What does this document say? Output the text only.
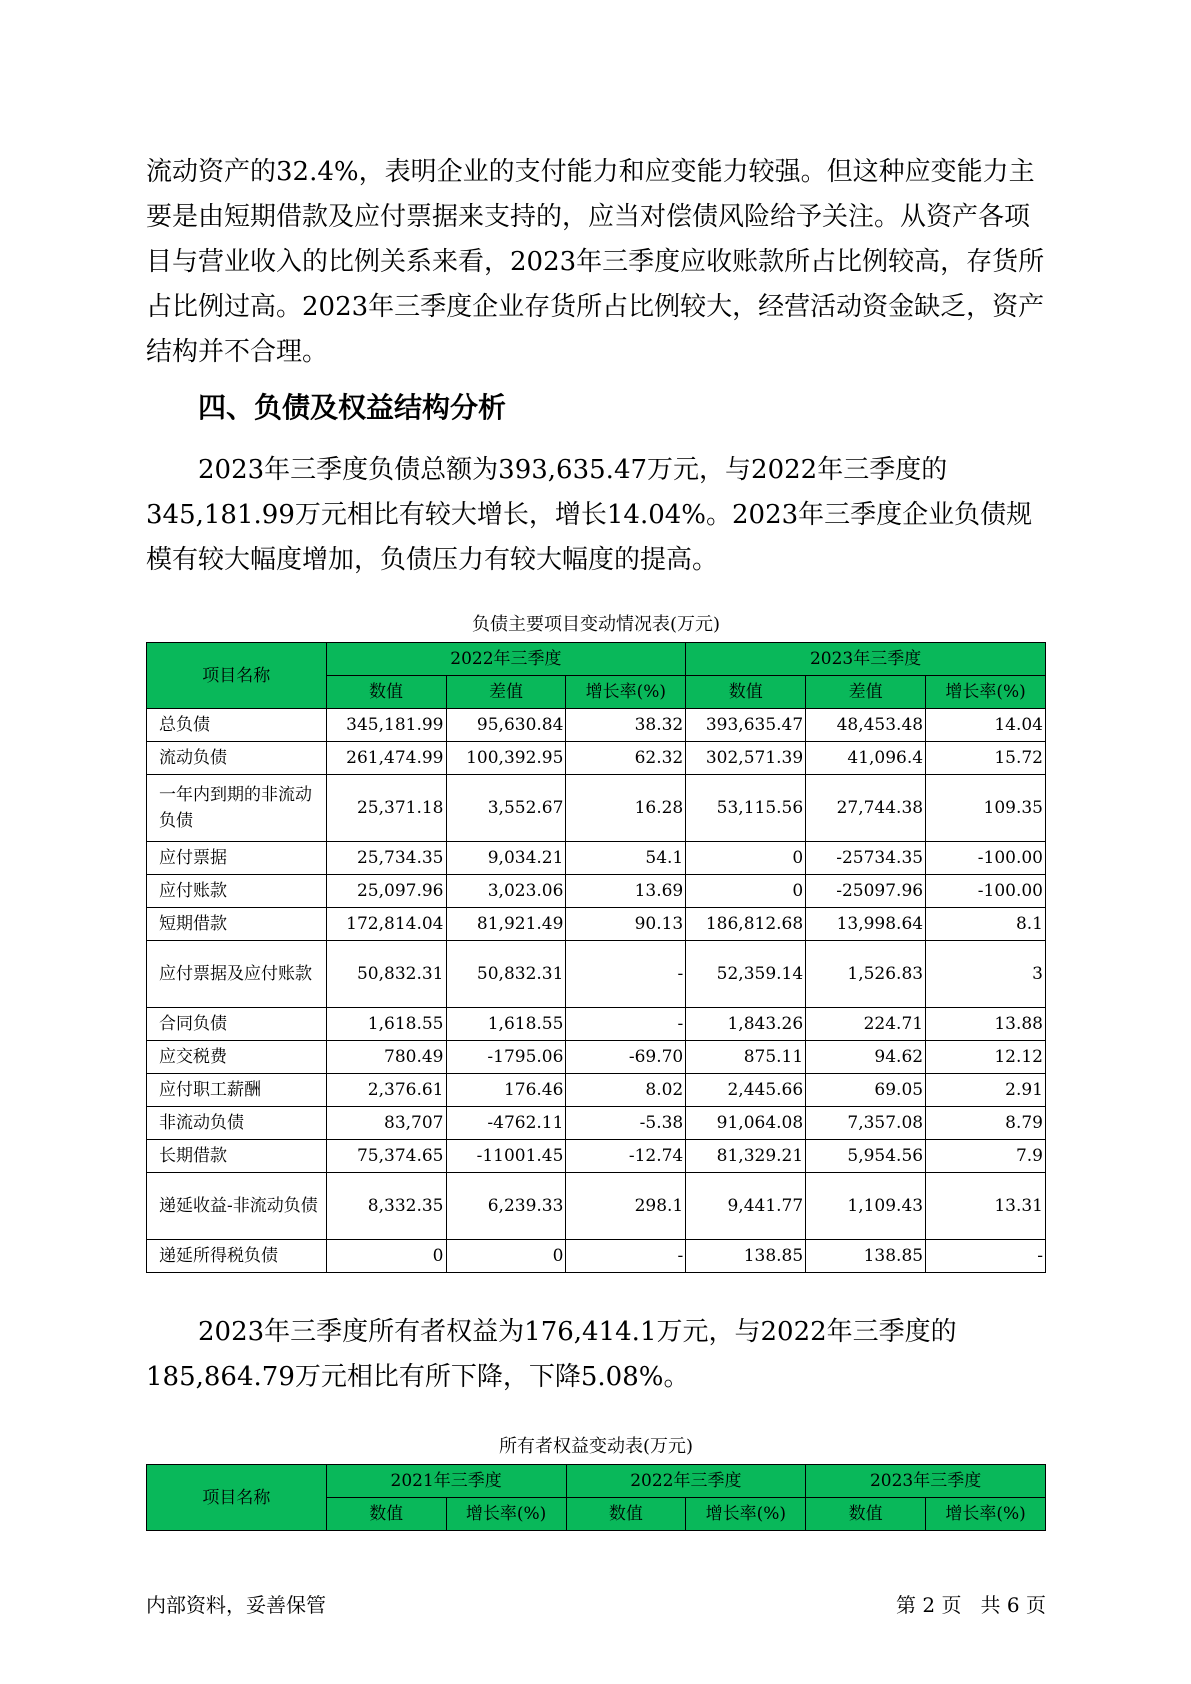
流动资产的32.4%，表明企业的支付能力和应变能力较强。但这种应变能力主要是由短期借款及应付票据来支持的，应当对偿债风险给予关注。从资产各项目与营业收入的比例关系来看，2023年三季度应收账款所占比例较高，存货所占比例过高。2023年三季度企业存货所占比例较大，经营活动资金缺乏，资产结构并不合理。

四、负债及权益结构分析

2023年三季度负债总额为393,635.47万元，与2022年三季度的345,181.99万元相比有较大增长，增长14.04%。2023年三季度企业负债规模有较大幅度增加，负债压力有较大幅度的提高。

负债主要项目变动情况表(万元)
项目名称	2022年三季度			2023年三季度		
	数值	差值	增长率(%)	数值	差值	增长率(%)
总负债	345,181.99	95,630.84	38.32	393,635.47	48,453.48	14.04
流动负债	261,474.99	100,392.95	62.32	302,571.39	41,096.4	15.72
一年内到期的非流动负债	25,371.18	3,552.67	16.28	53,115.56	27,744.38	109.35
应付票据	25,734.35	9,034.21	54.1	0	-25734.35	-100.00
应付账款	25,097.96	3,023.06	13.69	0	-25097.96	-100.00
短期借款	172,814.04	81,921.49	90.13	186,812.68	13,998.64	8.1
应付票据及应付账款	50,832.31	50,832.31	-	52,359.14	1,526.83	3
合同负债	1,618.55	1,618.55	-	1,843.26	224.71	13.88
应交税费	780.49	-1795.06	-69.70	875.11	94.62	12.12
应付职工薪酬	2,376.61	176.46	8.02	2,445.66	69.05	2.91
非流动负债	83,707	-4762.11	-5.38	91,064.08	7,357.08	8.79
长期借款	75,374.65	-11001.45	-12.74	81,329.21	5,954.56	7.9
递延收益-非流动负债	8,332.35	6,239.33	298.1	9,441.77	1,109.43	13.31
递延所得税负债	0	0	-	138.85	138.85	-

2023年三季度所有者权益为176,414.1万元，与2022年三季度的185,864.79万元相比有所下降，下降5.08%。

所有者权益变动表(万元)
项目名称	2021年三季度		2022年三季度		2023年三季度	
	数值	增长率(%)	数值	增长率(%)	数值	增长率(%)
内部资料，妥善保管	第 2 页 共 6 页
